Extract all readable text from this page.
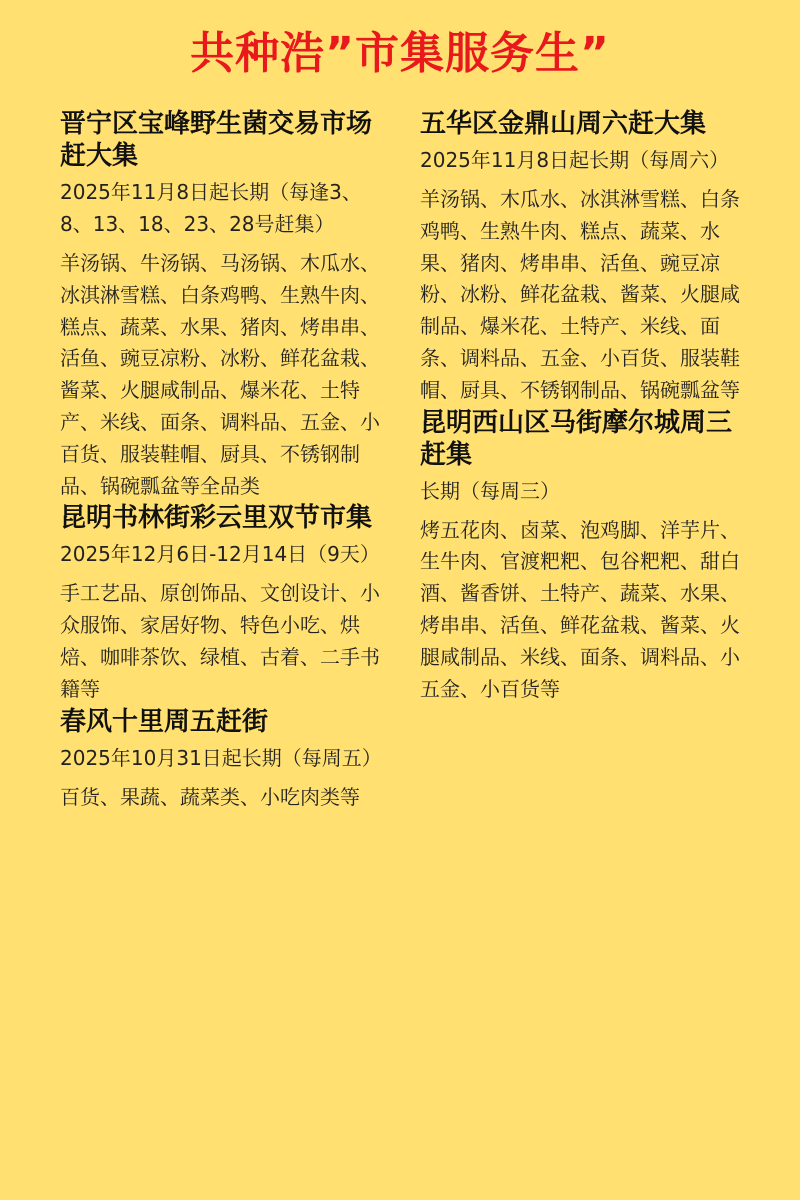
共种浩”市集服务生”
晋宁区宝峰野生菌交易市场赶大集
2025年11月8日起长期（每逢3、8、13、18、23、28号赶集）
羊汤锅、牛汤锅、马汤锅、木瓜水、冰淇淋雪糕、白条鸡鸭、生熟牛肉、糕点、蔬菜、水果、猪肉、烤串串、活鱼、豌豆凉粉、冰粉、鲜花盆栽、酱菜、火腿咸制品、爆米花、土特产、米线、面条、调料品、五金、小百货、服装鞋帽、厨具、不锈钢制品、锅碗瓢盆等全品类
昆明书林街彩云里双节市集
2025年12月6日-12月14日（9天）
手工艺品、原创饰品、文创设计、小众服饰、家居好物、特色小吃、烘焙、咖啡茶饮、绿植、古着、二手书籍等
春风十里周五赶街
2025年10月31日起长期（每周五）
百货、果蔬、蔬菜类、小吃肉类等
五华区金鼎山周六赶大集
2025年11月8日起长期（每周六）
羊汤锅、木瓜水、冰淇淋雪糕、白条鸡鸭、生熟牛肉、糕点、蔬菜、水果、猪肉、烤串串、活鱼、豌豆凉粉、冰粉、鲜花盆栽、酱菜、火腿咸制品、爆米花、土特产、米线、面条、调料品、五金、小百货、服装鞋帽、厨具、不锈钢制品、锅碗瓢盆等
昆明西山区马街摩尔城周三赶集
长期（每周三）
烤五花肉、卤菜、泡鸡脚、洋芋片、生牛肉、官渡粑粑、包谷粑粑、甜白酒、酱香饼、土特产、蔬菜、水果、烤串串、活鱼、鲜花盆栽、酱菜、火腿咸制品、米线、面条、调料品、小五金、小百货等
